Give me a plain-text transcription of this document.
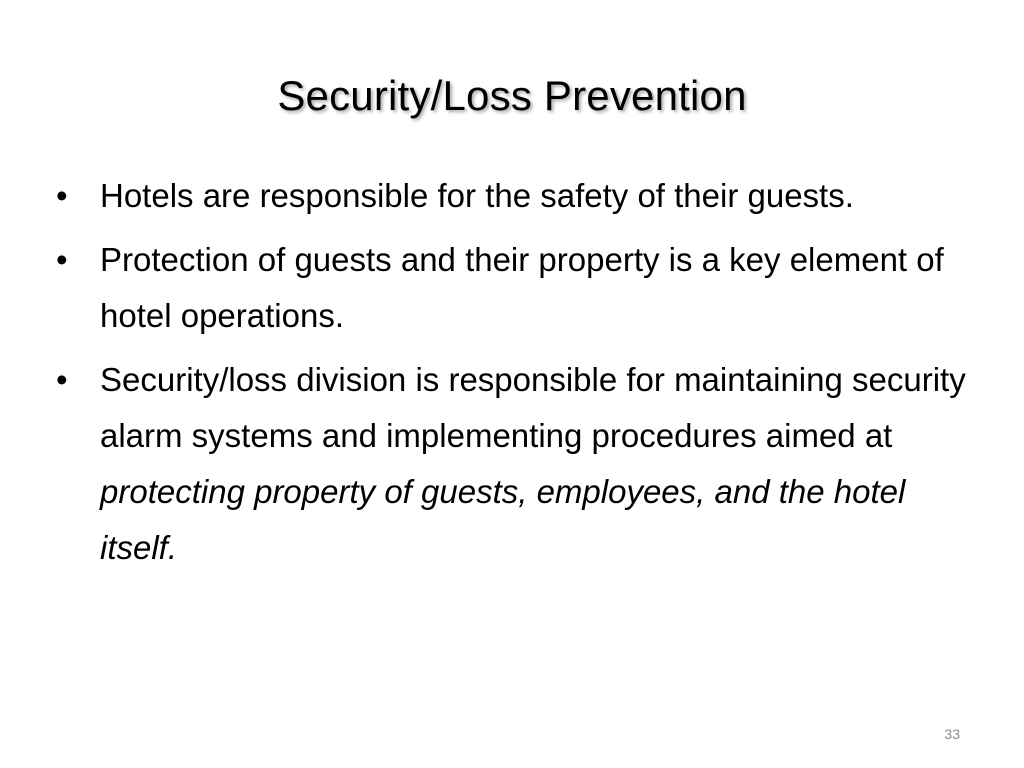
Security/Loss Prevention
• Hotels are responsible for the safety of their guests.
• Protection of guests and their property is a key element of hotel operations.
• Security/loss division is responsible for maintaining security alarm systems and implementing procedures aimed at protecting property of guests, employees, and the hotel itself.
33
